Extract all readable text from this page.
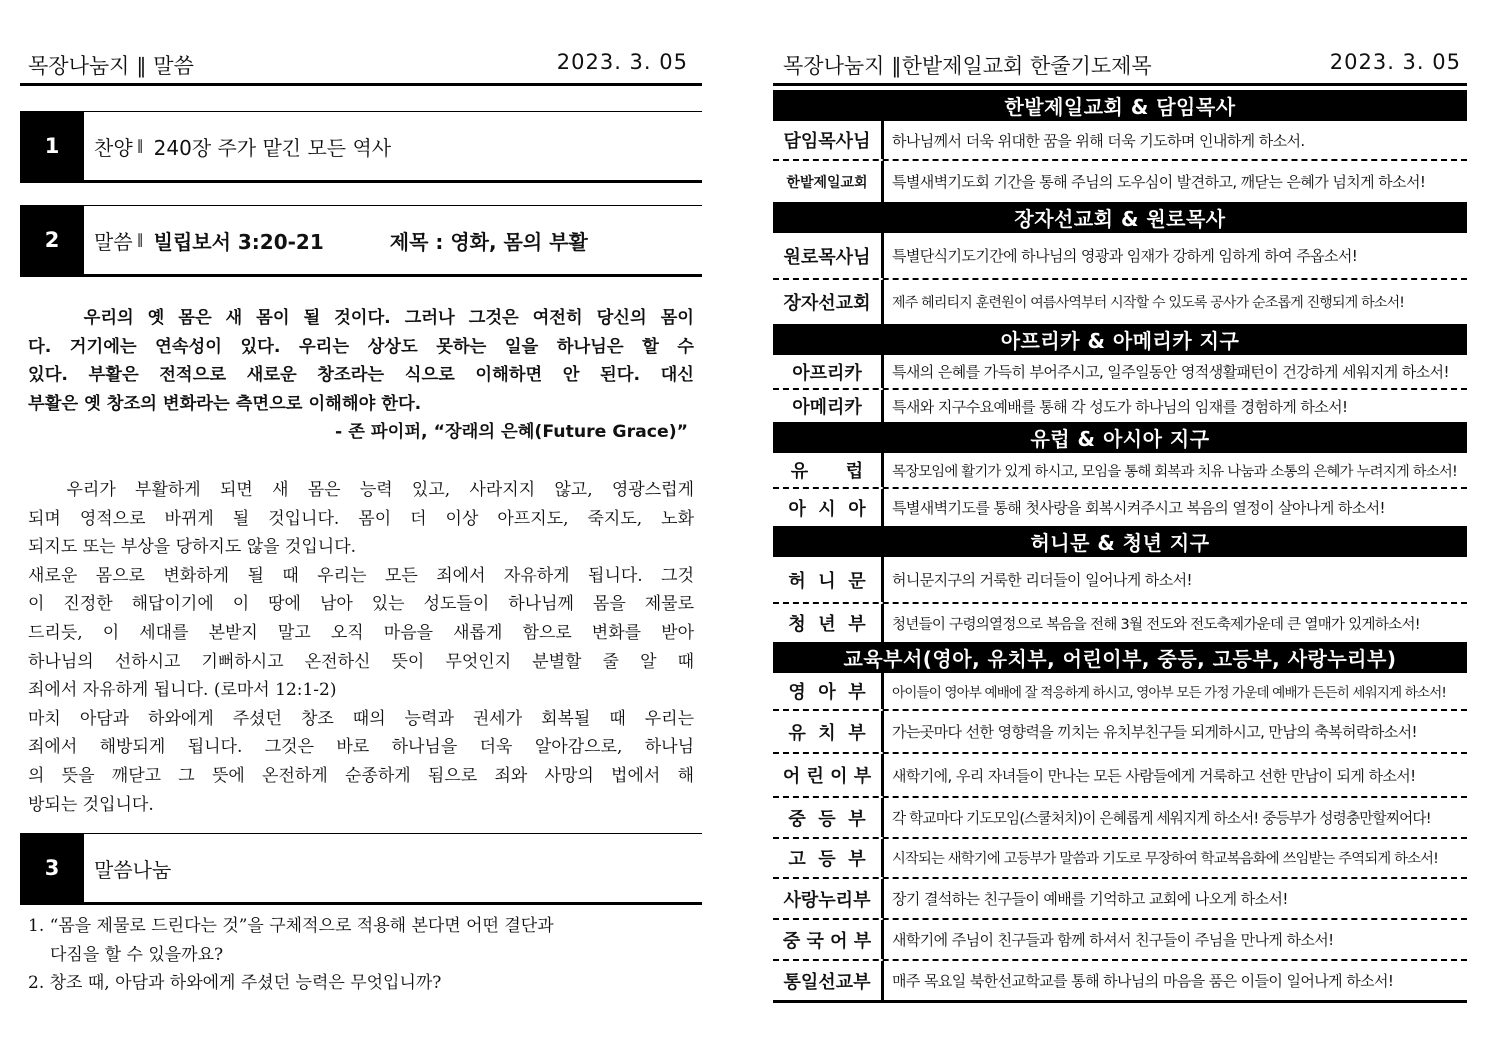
목장나눔지 ∥ 말씀	2023. 3. 05
1	찬양 ∥ 240장 주가 맡긴 모든 역사
2	말씀 ∥ 빌립보서 3:20-21	제목 : 영화, 몸의 부활
우리의 옛 몸은 새 몸이 될 것이다. 그러나 그것은 여전히 당신의 몸이
다. 거기에는 연속성이 있다. 우리는 상상도 못하는 일을 하나님은 할 수
있다. 부활은 전적으로 새로운 창조라는 식으로 이해하면 안 된다. 대신
부활은 옛 창조의 변화라는 측면으로 이해해야 한다.
- 존 파이퍼, “장래의 은혜(Future Grace)”
우리가 부활하게 되면 새 몸은 능력 있고, 사라지지 않고, 영광스럽게
되며 영적으로 바뀌게 될 것입니다. 몸이 더 이상 아프지도, 죽지도, 노화
되지도 또는 부상을 당하지도 않을 것입니다.
새로운 몸으로 변화하게 될 때 우리는 모든 죄에서 자유하게 됩니다. 그것
이 진정한 해답이기에 이 땅에 남아 있는 성도들이 하나님께 몸을 제물로
드리듯, 이 세대를 본받지 말고 오직 마음을 새롭게 함으로 변화를 받아
하나님의 선하시고 기뻐하시고 온전하신 뜻이 무엇인지 분별할 줄 알 때
죄에서 자유하게 됩니다. (로마서 12:1-2)
마치 아담과 하와에게 주셨던 창조 때의 능력과 권세가 회복될 때 우리는
죄에서 해방되게 됩니다. 그것은 바로 하나님을 더욱 알아감으로, 하나님
의 뜻을 깨닫고 그 뜻에 온전하게 순종하게 됨으로 죄와 사망의 법에서 해
방되는 것입니다.
3	말씀나눔
1. “몸을 제물로 드린다는 것”을 구체적으로 적용해 본다면 어떤 결단과
다짐을 할 수 있을까요?
2. 창조 때, 아담과 하와에게 주셨던 능력은 무엇입니까?
목장나눔지 ∥한밭제일교회 한줄기도제목	2023. 3. 05
한밭제일교회 & 담임목사
담임목사님	하나님께서 더욱 위대한 꿈을 위해 더욱 기도하며 인내하게 하소서.
한밭제일교회	특별새벽기도회 기간을 통해 주님의 도우심이 발견하고, 깨닫는 은혜가 넘치게 하소서!
장자선교회 & 원로목사
원로목사님	특별단식기도기간에 하나님의 영광과 임재가 강하게 임하게 하여 주옵소서!
장자선교회	제주 헤리티지 훈련원이 여름사역부터 시작할 수 있도록 공사가 순조롭게 진행되게 하소서!
아프리카 & 아메리카 지구
아프리카	특새의 은혜를 가득히 부어주시고, 일주일동안 영적생활패턴이 건강하게 세워지게 하소서!
아메리카	특새와 지구수요예배를 통해 각 성도가 하나님의 임재를 경험하게 하소서!
유럽 & 아시아 지구
유      럽	목장모임에 활기가 있게 하시고, 모임을 통해 회복과 치유 나눔과 소통의 은혜가 누려지게 하소서!
아  시  아	특별새벽기도를 통해 첫사랑을 회복시켜주시고 복음의 열정이 살아나게 하소서!
허니문 & 청년 지구
허  니  문	허니문지구의 거룩한 리더들이 일어나게 하소서!
청  년  부	청년들이 구령의열정으로 복음을 전해 3월 전도와 전도축제가운데 큰 열매가 있게하소서!
교육부서(영아, 유치부, 어린이부, 중등, 고등부, 사랑누리부)
영  아  부	아이들이 영아부 예배에 잘 적응하게 하시고, 영아부 모든 가정 가운데 예배가 든든히 세워지게 하소서!
유  치  부	가는곳마다 선한 영향력을 끼치는 유치부친구들 되게하시고, 만남의 축복허락하소서!
어 린 이 부	새학기에, 우리 자녀들이 만나는 모든 사람들에게 거룩하고 선한 만남이 되게 하소서!
중  등  부	각 학교마다 기도모임(스쿨처치)이 은혜롭게 세워지게 하소서! 중등부가 성령충만할찌어다!
고  등  부	시작되는 새학기에 고등부가 말씀과 기도로 무장하여 학교복음화에 쓰임받는 주역되게 하소서!
사랑누리부	장기 결석하는 친구들이 예배를 기억하고 교회에 나오게 하소서!
중 국 어 부	새학기에 주님이 친구들과 함께 하셔서 친구들이 주님을 만나게 하소서!
통일선교부	매주 목요일 북한선교학교를 통해 하나님의 마음을 품은 이들이 일어나게 하소서!
